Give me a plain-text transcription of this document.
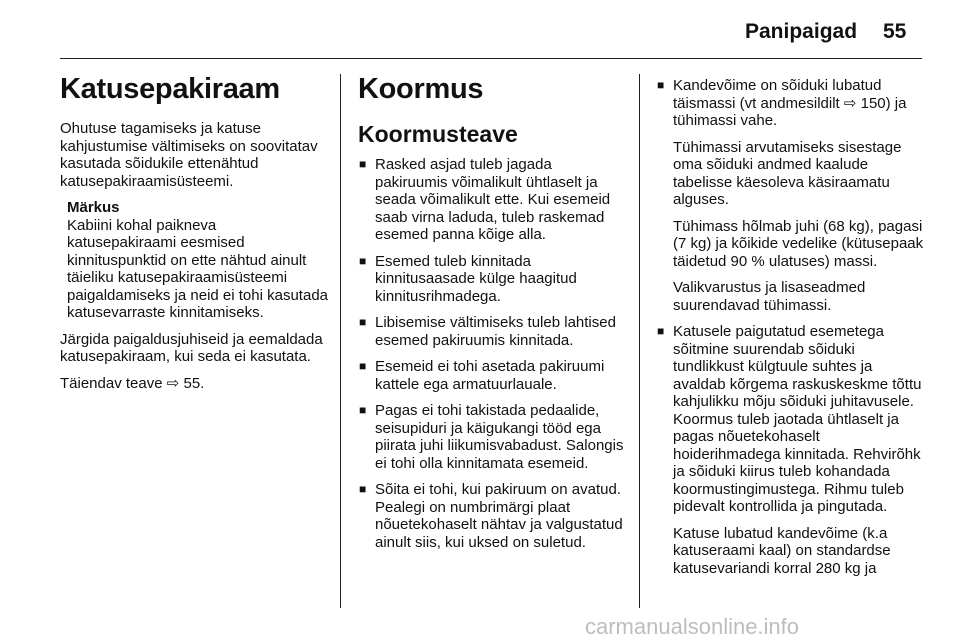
Panipaigad 55
Katusepakiraam

Ohutuse tagamiseks ja katuse kahjustumise vältimiseks on soovitatav kasutada sõidukile ettenähtud katusepakiraamisüsteemi.

Märkus

Kabiini kohal paikneva katusepakiraami eesmised kinnituspunktid on ette nähtud ainult täieliku katusepakiraamisüsteemi paigaldamiseks ja neid ei tohi kasutada katusevarraste kinnitamiseks.

Järgida paigaldusjuhiseid ja eemaldada katusepakiraam, kui seda ei kasutata.

Täiendav teave ⇨ 55.

Koormus
Koormusteave
■ Rasked asjad tuleb jagada pakiruumis võimalikult ühtlaselt ja seada võimalikult ette. Kui esemeid saab virna laduda, tuleb raskemad esemed panna kõige alla.
■ Esemed tuleb kinnitada kinnitusaasade külge haagitud kinnitusrihmadega.
■ Libisemise vältimiseks tuleb lahtised esemed pakiruumis kinnitada.
■ Esemeid ei tohi asetada pakiruumi kattele ega armatuurlauale.
■ Pagas ei tohi takistada pedaalide, seisupiduri ja käigukangi tööd ega piirata juhi liikumisvabadust. Salongis ei tohi olla kinnitamata esemeid.
■ Sõita ei tohi, kui pakiruum on avatud. Pealegi on numbrimärgi plaat nõuetekohaselt nähtav ja valgustatud ainult siis, kui uksed on suletud.

■ Kandevõime on sõiduki lubatud täismassi (vt andmesildilt ⇨ 150) ja tühimassi vahe.

Tühimassi arvutamiseks sisestage oma sõiduki andmed kaalude tabelisse käesoleva käsiraamatu alguses.

Tühimass hõlmab juhi (68 kg), pagasi (7 kg) ja kõikide vedelike (kütusepaak täidetud 90 % ulatuses) massi.

Valikvarustus ja lisaseadmed suurendavad tühimassi.

■ Katusele paigutatud esemetega sõitmine suurendab sõiduki tundlikkust külgtuule suhtes ja avaldab kõrgema raskuskeskme tõttu kahjulikku mõju sõiduki juhitavusele. Koormus tuleb jaotada ühtlaselt ja pagas nõuetekohaselt hoiderihmadega kinnitada. Rehvirõhk ja sõiduki kiirus tuleb kohandada koormustingimustega. Rihmu tuleb pidevalt kontrollida ja pingutada.

Katuse lubatud kandevõime (k.a katuseraami kaal) on standardse katusevariandi korral 280 kg ja

carmanualsonline.info
